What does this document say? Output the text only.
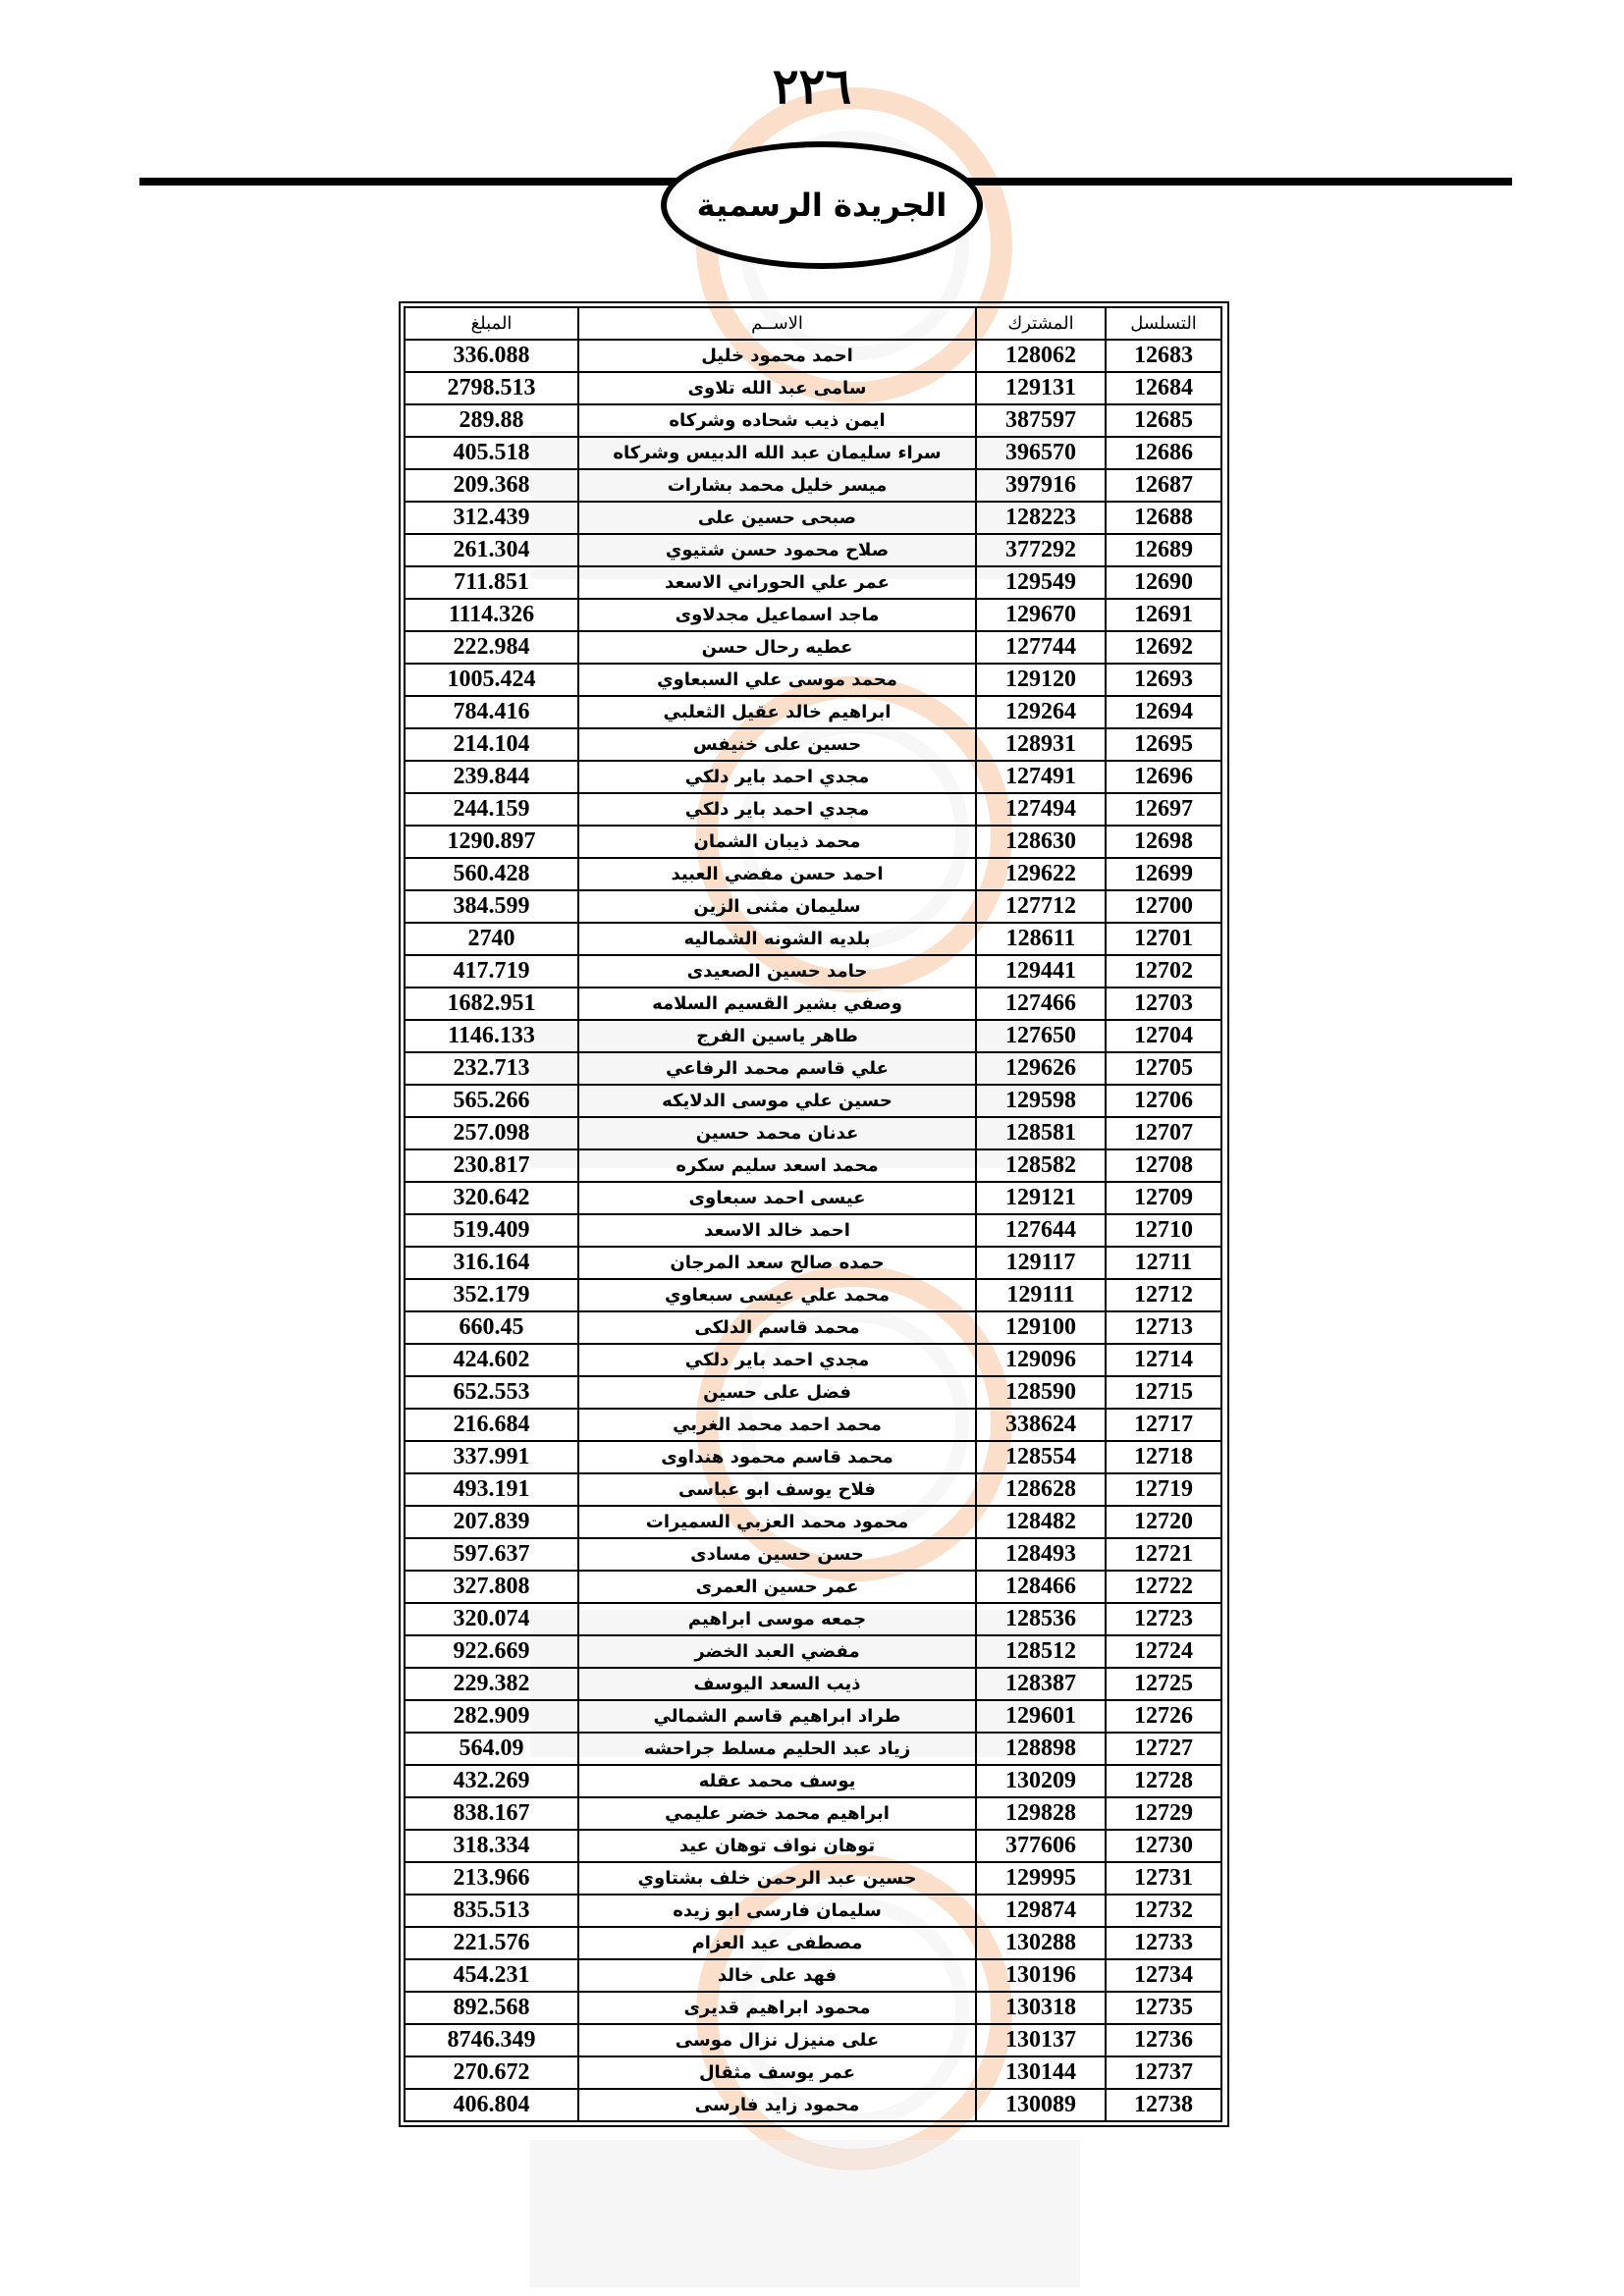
٢٢٦
الجريدة الرسمية
التسلسل	المشترك	الاســم	المبلغ
12683	128062	احمد محمود خليل	336.088
12684	129131	سامى عبد الله تلاوى	2798.513
12685	387597	ايمن ذيب شحاده وشركاه	289.88
12686	396570	سراء سليمان عبد الله الدبيس وشركاه	405.518
12687	397916	ميسر خليل محمد بشارات	209.368
12688	128223	صبحى حسين على	312.439
12689	377292	صلاح محمود حسن شتيوي	261.304
12690	129549	عمر علي الحوراني الاسعد	711.851
12691	129670	ماجد اسماعيل مجدلاوى	1114.326
12692	127744	عطيه رحال حسن	222.984
12693	129120	محمد موسى علي السبعاوي	1005.424
12694	129264	ابراهيم خالد عقيل الثعلبي	784.416
12695	128931	حسين على خنيفس	214.104
12696	127491	مجدي احمد باير دلكي	239.844
12697	127494	مجدي احمد باير دلكي	244.159
12698	128630	محمد ذيبان الشمان	1290.897
12699	129622	احمد حسن مفضي العبيد	560.428
12700	127712	سليمان مثنى الزين	384.599
12701	128611	بلديه الشونه الشماليه	2740
12702	129441	حامد حسين الصعيدى	417.719
12703	127466	وصفي بشير القسيم السلامه	1682.951
12704	127650	طاهر ياسين الفرج	1146.133
12705	129626	علي قاسم محمد الرفاعي	232.713
12706	129598	حسين علي موسى الدلايكه	565.266
12707	128581	عدنان محمد حسين	257.098
12708	128582	محمد اسعد سليم سكره	230.817
12709	129121	عيسى احمد سبعاوى	320.642
12710	127644	احمد خالد الاسعد	519.409
12711	129117	حمده صالح سعد المرجان	316.164
12712	129111	محمد علي عيسى سبعاوي	352.179
12713	129100	محمد قاسم الدلكى	660.45
12714	129096	مجدي احمد باير دلكي	424.602
12715	128590	فضل على حسين	652.553
12717	338624	محمد احمد محمد الغربي	216.684
12718	128554	محمد قاسم محمود هنداوى	337.991
12719	128628	فلاح يوسف ابو عباسى	493.191
12720	128482	محمود محمد العزبي السميرات	207.839
12721	128493	حسن حسين مسادى	597.637
12722	128466	عمر حسين العمرى	327.808
12723	128536	جمعه موسى ابراهيم	320.074
12724	128512	مفضي العبد الخضر	922.669
12725	128387	ذيب السعد اليوسف	229.382
12726	129601	طراد ابراهيم قاسم الشمالي	282.909
12727	128898	زياد عبد الحليم مسلط جراحشه	564.09
12728	130209	يوسف محمد عقله	432.269
12729	129828	ابراهيم محمد خضر عليمي	838.167
12730	377606	توهان نواف توهان عيد	318.334
12731	129995	حسين عبد الرحمن خلف بشتاوي	213.966
12732	129874	سليمان فارسى ابو زيده	835.513
12733	130288	مصطفى عيد العزام	221.576
12734	130196	فهد على خالد	454.231
12735	130318	محمود ابراهيم قديرى	892.568
12736	130137	على منيزل نزال موسى	8746.349
12737	130144	عمر يوسف مثقال	270.672
12738	130089	محمود زايد فارسى	406.804
